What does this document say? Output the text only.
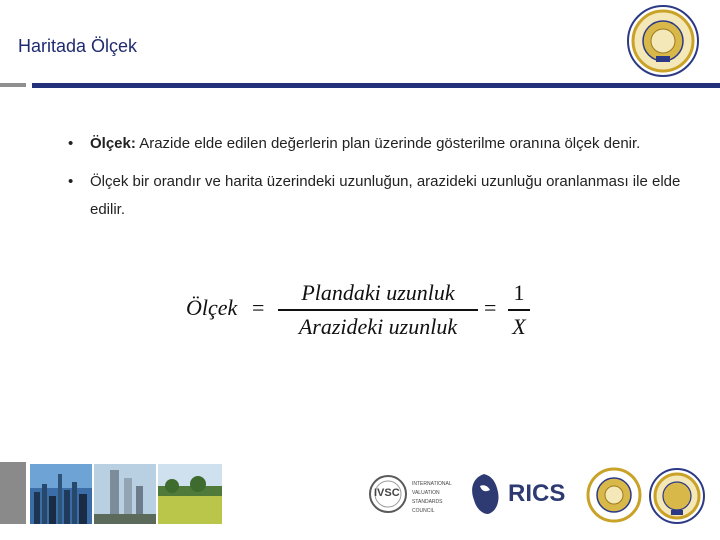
Haritada Ölçek
• Ölçek: Arazide elde edilen değerlerin plan üzerinde gösterilme oranına ölçek denir.
• Ölçek bir orandır ve harita üzerindeki uzunluğun, arazideki uzunluğu oranlanması ile elde edilir.
Ölçek =
Plandaki uzunluk
Arazideki uzunluk
=
1
X
IVSC
INTERNATIONAL VALUATION STANDARDS COUNCIL
RICS
